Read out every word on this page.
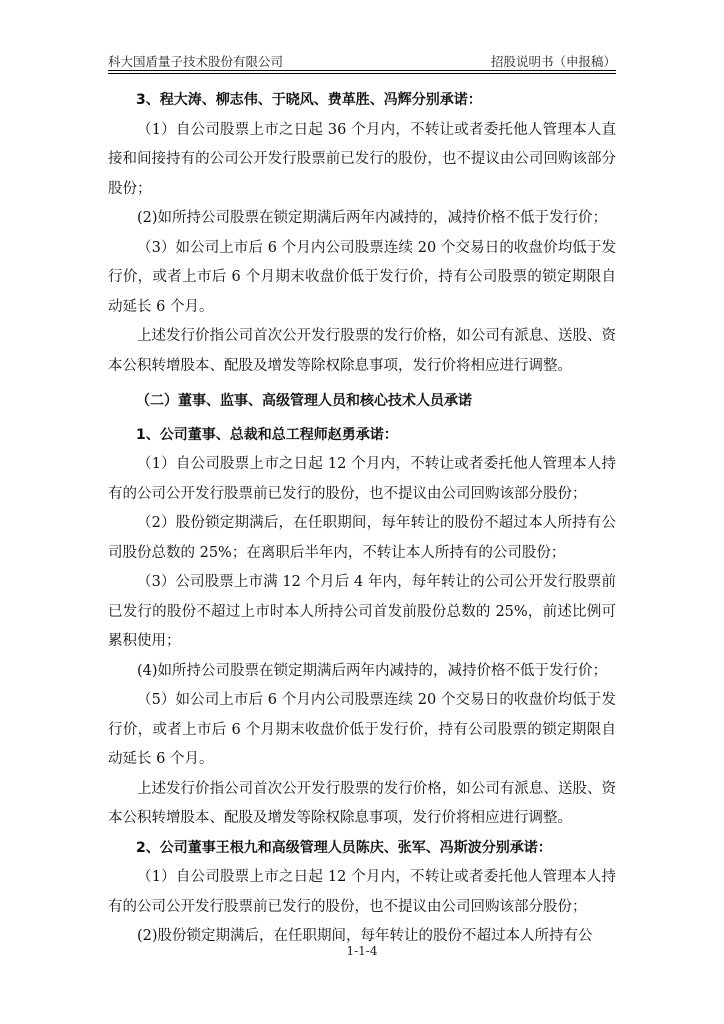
科大国盾量子技术股份有限公司	招股说明书（申报稿）

3、程大涛、柳志伟、于晓风、费革胜、冯辉分别承诺：

（1）自公司股票上市之日起 36 个月内，不转让或者委托他人管理本人直接和间接持有的公司公开发行股票前已发行的股份，也不提议由公司回购该部分股份；

(2)如所持公司股票在锁定期满后两年内减持的，减持价格不低于发行价；

（3）如公司上市后 6 个月内公司股票连续 20 个交易日的收盘价均低于发行价，或者上市后 6 个月期末收盘价低于发行价，持有公司股票的锁定期限自动延长 6 个月。

上述发行价指公司首次公开发行股票的发行价格，如公司有派息、送股、资本公积转增股本、配股及增发等除权除息事项，发行价将相应进行调整。

（二）董事、监事、高级管理人员和核心技术人员承诺

1、公司董事、总裁和总工程师赵勇承诺：

（1）自公司股票上市之日起 12 个月内，不转让或者委托他人管理本人持有的公司公开发行股票前已发行的股份，也不提议由公司回购该部分股份；

（2）股份锁定期满后，在任职期间，每年转让的股份不超过本人所持有公司股份总数的 25%；在离职后半年内，不转让本人所持有的公司股份；

（3）公司股票上市满 12 个月后 4 年内，每年转让的公司公开发行股票前已发行的股份不超过上市时本人所持公司首发前股份总数的 25%，前述比例可累积使用；

(4)如所持公司股票在锁定期满后两年内减持的，减持价格不低于发行价；

（5）如公司上市后 6 个月内公司股票连续 20 个交易日的收盘价均低于发行价，或者上市后 6 个月期末收盘价低于发行价，持有公司股票的锁定期限自动延长 6 个月。

上述发行价指公司首次公开发行股票的发行价格，如公司有派息、送股、资本公积转增股本、配股及增发等除权除息事项，发行价将相应进行调整。

2、公司董事王根九和高级管理人员陈庆、张军、冯斯波分别承诺：

（1）自公司股票上市之日起 12 个月内，不转让或者委托他人管理本人持有的公司公开发行股票前已发行的股份，也不提议由公司回购该部分股份；

(2)股份锁定期满后，在任职期间，每年转让的股份不超过本人所持有公

1-1-4
